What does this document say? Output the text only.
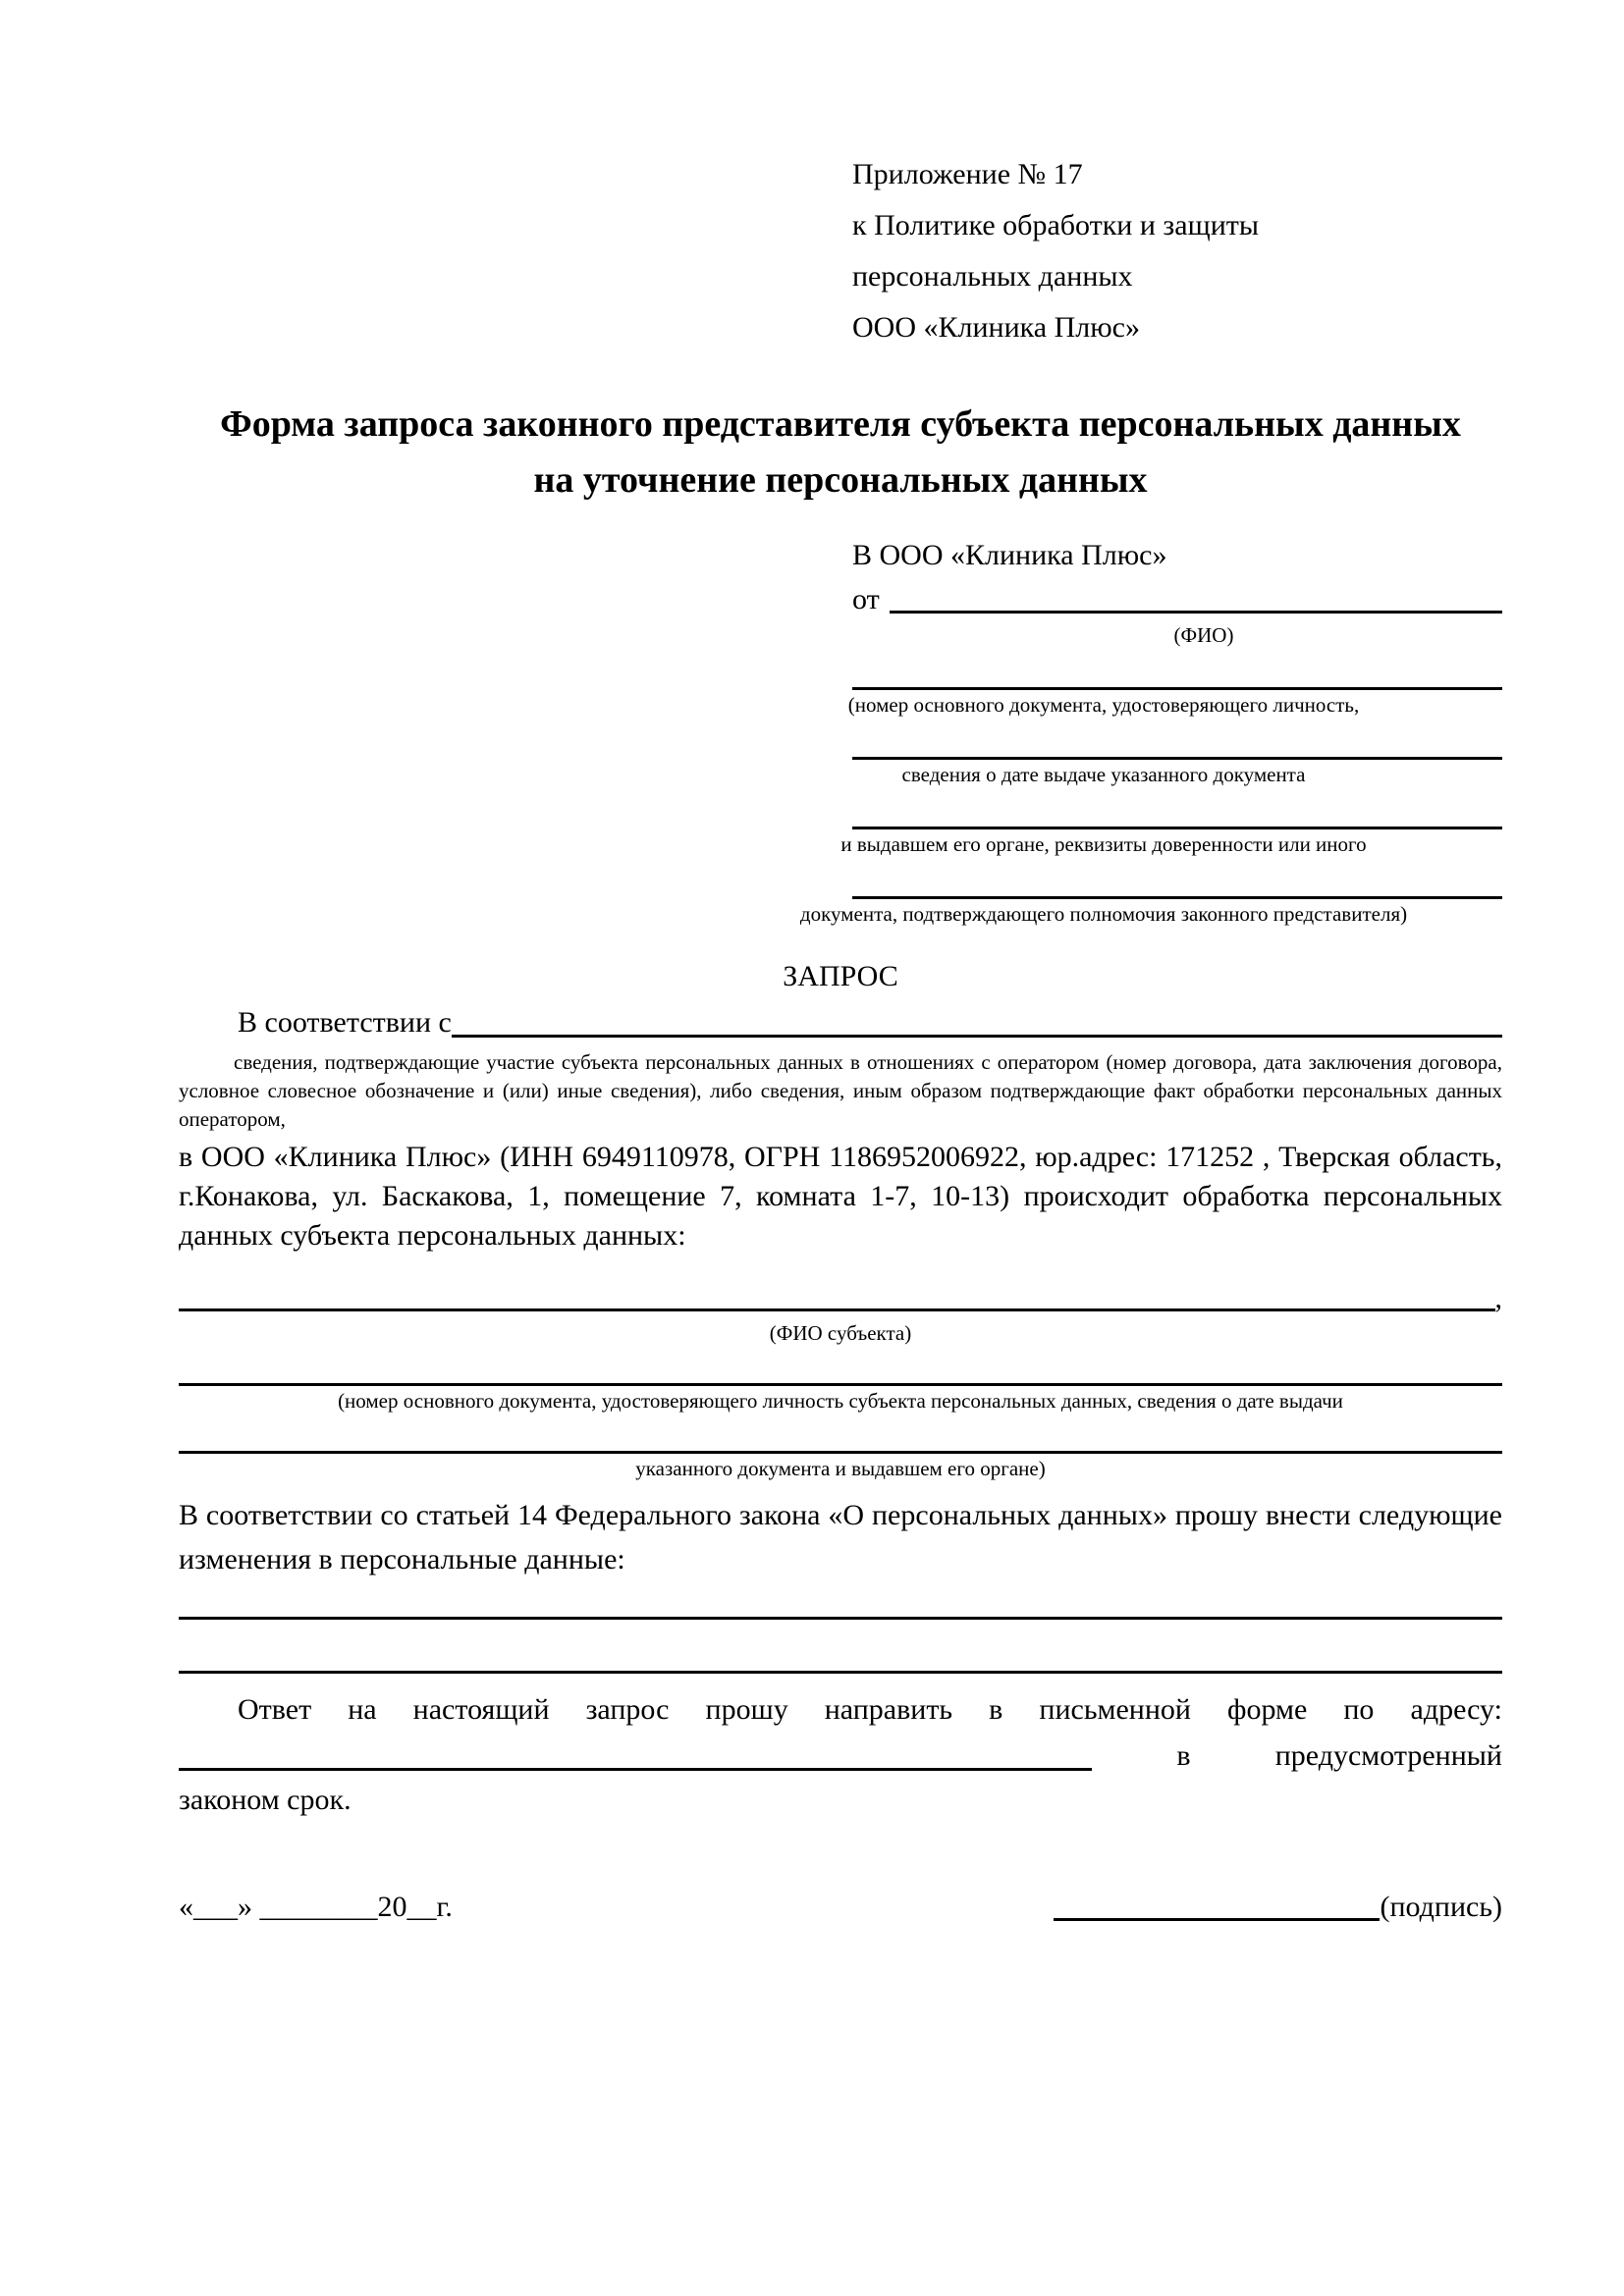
Приложение № 17
к Политике обработки и защиты
персональных данных
ООО «Клиника Плюс»
Форма запроса законного представителя субъекта персональных данных
на уточнение персональных данных
В ООО «Клиника Плюс»
от
(ФИО)
(номер основного документа, удостоверяющего личность,
сведения о дате выдаче указанного документа
и выдавшем его органе, реквизиты доверенности или иного
документа, подтверждающего полномочия законного представителя)
ЗАПРОС
В соответствии с
сведения, подтверждающие участие субъекта персональных данных в отношениях с оператором (номер договора, дата заключения договора, условное словесное обозначение и (или) иные сведения), либо сведения, иным образом подтверждающие факт обработки персональных данных оператором,
в ООО «Клиника Плюс» (ИНН 6949110978, ОГРН 1186952006922, юр.адрес: 171252 , Тверская область, г.Конакова, ул. Баскакова, 1, помещение 7, комната 1-7, 10-13) происходит обработка персональных данных субъекта персональных данных:
,
(ФИО субъекта)
(номер основного документа, удостоверяющего личность субъекта персональных данных, сведения о дате выдачи
указанного документа и выдавшем его органе)
В соответствии со статьей 14 Федерального закона «О персональных данных» прошу внести следующие изменения в персональные данные:
Ответ на настоящий запрос прошу направить в письменной форме по адресу:
в	предусмотренный
законом срок.
«___» ________20__г.	(подпись)
